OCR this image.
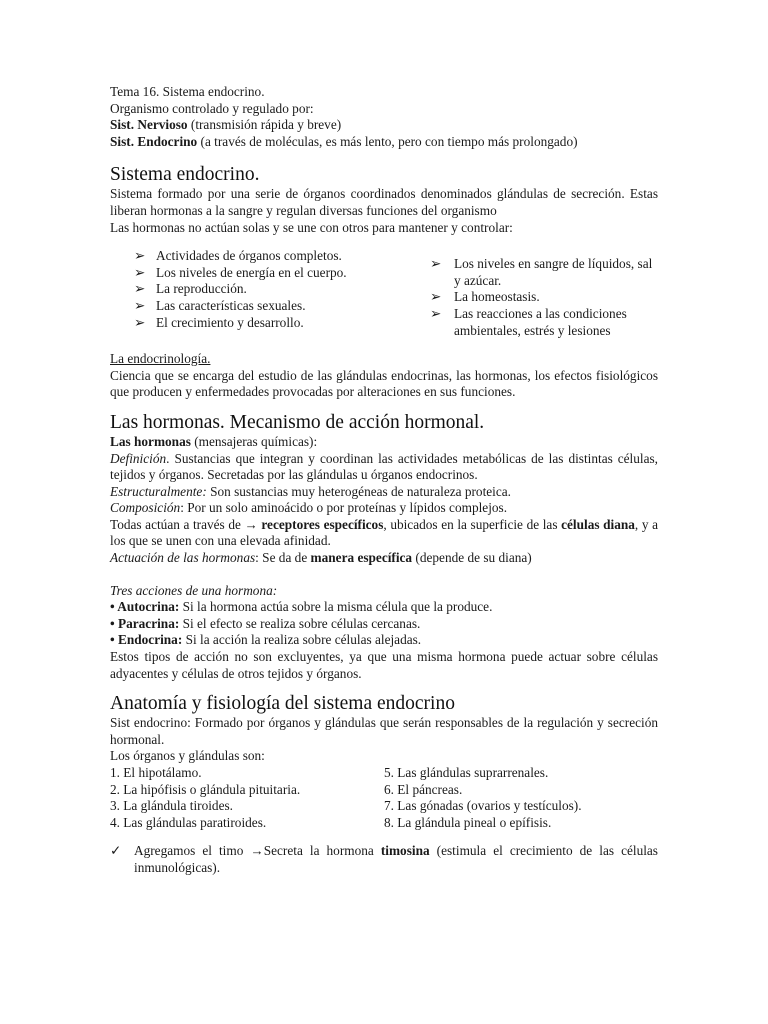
Tema 16. Sistema endocrino.
Organismo controlado y regulado por:
Sist. Nervioso (transmisión rápida y breve)
Sist. Endocrino (a través de moléculas, es más lento, pero con tiempo más prolongado)
Sistema endocrino.
Sistema formado por una serie de órganos coordinados denominados glándulas de secreción. Estas liberan hormonas a la sangre y regulan diversas funciones del organismo
Las hormonas no actúan solas y se une con otros para mantener y controlar:
➢ Actividades de órganos completos.
➢ Los niveles de energía en el cuerpo.
➢ La reproducción.
➢ Las características sexuales.
➢ El crecimiento y desarrollo.
➢ Los niveles en sangre de líquidos, sal y azúcar.
➢ La homeostasis.
➢ Las reacciones a las condiciones ambientales, estrés y lesiones
La endocrinología.
Ciencia que se encarga del estudio de las glándulas endocrinas, las hormonas, los efectos fisiológicos que producen y enfermedades provocadas por alteraciones en sus funciones.
Las hormonas. Mecanismo de acción hormonal.
Las hormonas (mensajeras químicas):
Definición. Sustancias que integran y coordinan las actividades metabólicas de las distintas células, tejidos y órganos. Secretadas por las glándulas u órganos endocrinos.
Estructuralmente: Son sustancias muy heterogéneas de naturaleza proteica.
Composición: Por un solo aminoácido o por proteínas y lípidos complejos.
Todas actúan a través de → receptores específicos, ubicados en la superficie de las células diana, y a los que se unen con una elevada afinidad.
Actuación de las hormonas: Se da de manera específica (depende de su diana)
Tres acciones de una hormona:
• Autocrina: Si la hormona actúa sobre la misma célula que la produce.
• Paracrina: Si el efecto se realiza sobre células cercanas.
• Endocrina: Si la acción la realiza sobre células alejadas.
Estos tipos de acción no son excluyentes, ya que una misma hormona puede actuar sobre células adyacentes y células de otros tejidos y órganos.
Anatomía y fisiología del sistema endocrino
Sist endocrino: Formado por órganos y glándulas que serán responsables de la regulación y secreción hormonal.
Los órganos y glándulas son:
1. El hipotálamo.
2. La hipófisis o glándula pituitaria.
3. La glándula tiroides.
4. Las glándulas paratiroides.
5. Las glándulas suprarrenales.
6. El páncreas.
7. Las gónadas (ovarios y testículos).
8. La glándula pineal o epífisis.
✓ Agregamos el timo →Secreta la hormona timosina (estimula el crecimiento de las células inmunológicas).
